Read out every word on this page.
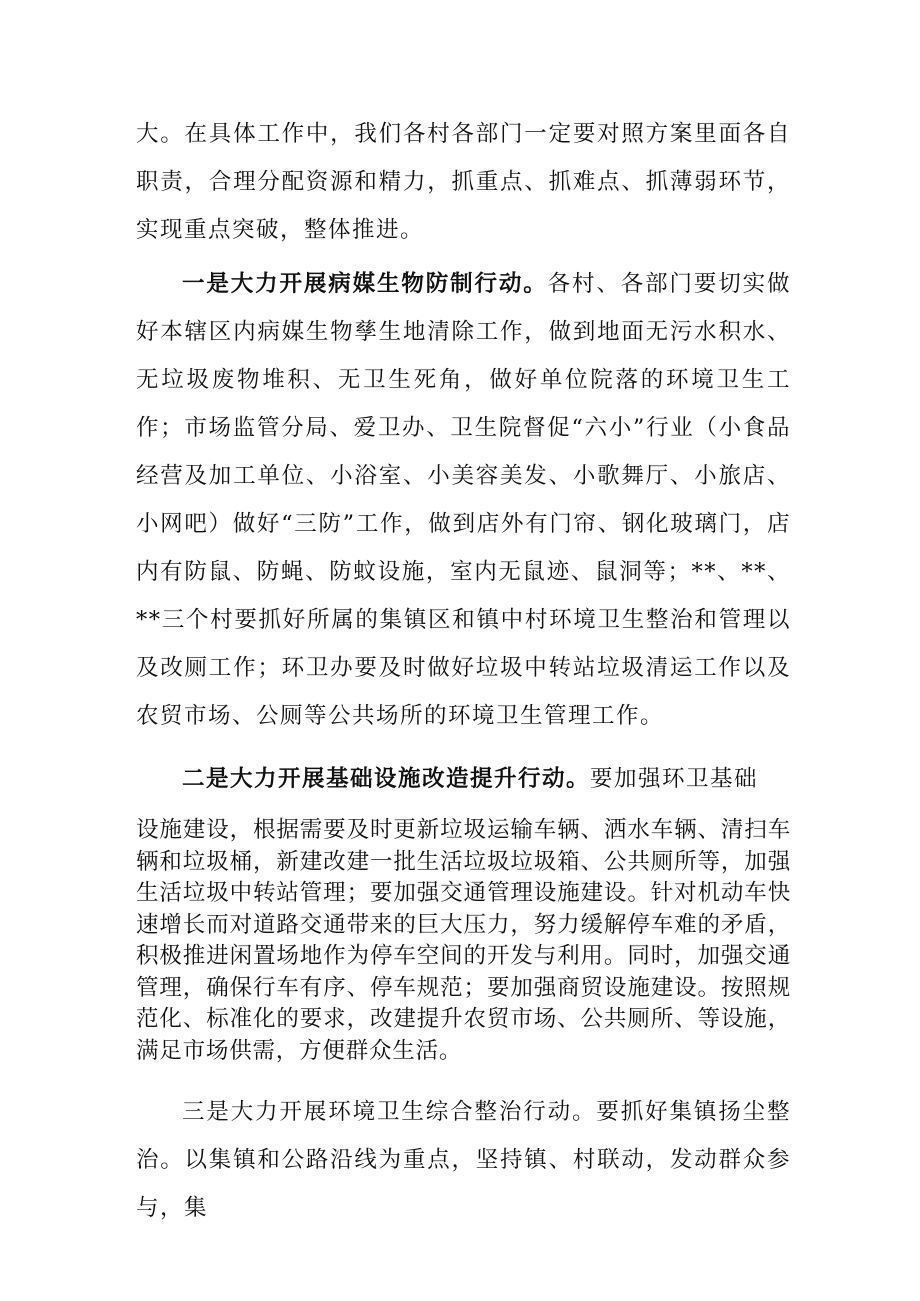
大。在具体工作中，我们各村各部门一定要对照方案里面各自职责，合理分配资源和精力，抓重点、抓难点、抓薄弱环节，实现重点突破，整体推进。

一是大力开展病媒生物防制行动。各村、各部门要切实做好本辖区内病媒生物孳生地清除工作，做到地面无污水积水、无垃圾废物堆积、无卫生死角，做好单位院落的环境卫生工作；市场监管分局、爱卫办、卫生院督促“六小”行业（小食品经营及加工单位、小浴室、小美容美发、小歌舞厅、小旅店、小网吧）做好“三防”工作，做到店外有门帘、钢化玻璃门，店内有防鼠、防蝇、防蚊设施，室内无鼠迹、鼠洞等；**、**、**三个村要抓好所属的集镇区和镇中村环境卫生整治和管理以及改厕工作；环卫办要及时做好垃圾中转站垃圾清运工作以及农贸市场、公厕等公共场所的环境卫生管理工作。

二是大力开展基础设施改造提升行动。要加强环卫基础

设施建设，根据需要及时更新垃圾运输车辆、洒水车辆、清扫车辆和垃圾桶，新建改建一批生活垃圾垃圾箱、公共厕所等，加强生活垃圾中转站管理；要加强交通管理设施建设。针对机动车快速增长而对道路交通带来的巨大压力，努力缓解停车难的矛盾，积极推进闲置场地作为停车空间的开发与利用。同时，加强交通管理，确保行车有序、停车规范；要加强商贸设施建设。按照规范化、标准化的要求，改建提升农贸市场、公共厕所、等设施，满足市场供需，方便群众生活。

三是大力开展环境卫生综合整治行动。要抓好集镇扬尘整治。以集镇和公路沿线为重点，坚持镇、村联动，发动群众参与，集
